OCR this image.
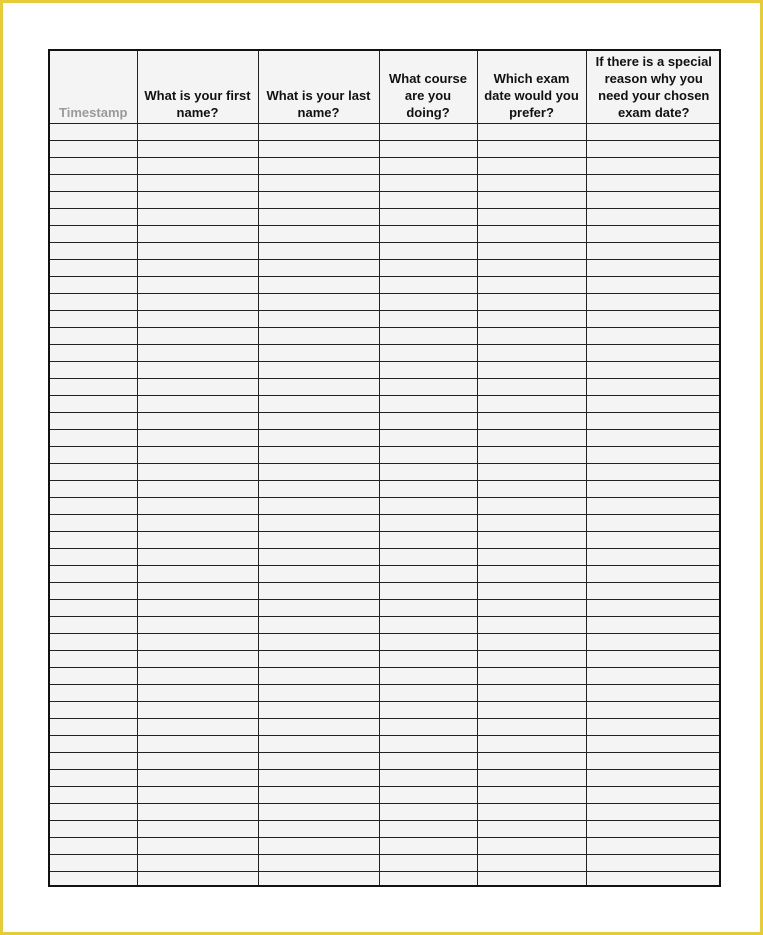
Timestamp	What is your first name?	What is your last name?	What course are you doing?	Which exam date would you prefer?	If there is a special reason why you need your chosen exam date?
